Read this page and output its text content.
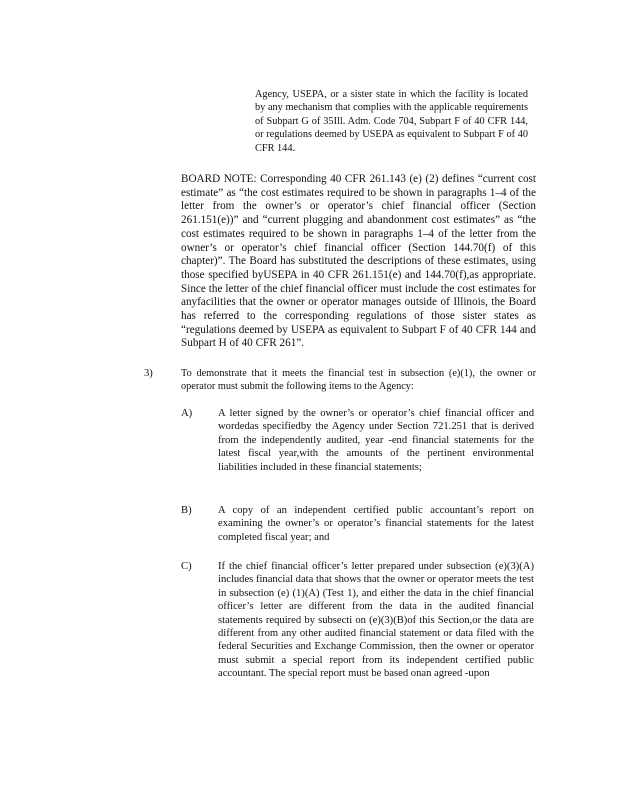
Agency, USEPA, or a sister state in which the facility is located by any mechanism that complies with the applicable requirements of Subpart G of 35Ill. Adm. Code 704, Subpart F of 40 CFR 144, or regulations deemed by USEPA as equivalent to Subpart F of 40 CFR 144.

BOARD NOTE: Corresponding 40 CFR 261.143 (e) (2) defines “current cost estimate” as “the cost estimates required to be shown in paragraphs 1–4 of the letter from the owner’s or operator’s chief financial officer (Section 261.151(e))” and “current plugging and abandonment cost estimates” as “the cost estimates required to be shown in paragraphs 1–4 of the letter from the owner’s or operator’s chief financial officer (Section 144.70(f) of this chapter)”. The Board has substituted the descriptions of these estimates, using those specified byUSEPA in 40 CFR 261.151(e) and 144.70(f),as appropriate. Since the letter of the chief financial officer must include the cost estimates for anyfacilities that the owner or operator manages outside of Illinois, the Board has referred to the corresponding regulations of those sister states as “regulations deemed by USEPA as equivalent to Subpart F of 40 CFR 144 and Subpart H of 40 CFR 261”.

3)	To demonstrate that it meets the financial test in subsection (e)(1), the owner or operator must submit the following items to the Agency:

A) A letter signed by the owner’s or operator’s chief financial officer and wordedas specifiedby the Agency under Section 721.251 that is derived from the independently audited, year -end financial statements for the latest fiscal year,with the amounts of the pertinent environmental liabilities included in these financial statements;

B) A copy of an independent certified public accountant’s report on examining the owner’s or operator’s financial statements for the latest completed fiscal year; and

C) If the chief financial officer’s letter prepared under subsection (e)(3)(A) includes financial data that shows that the owner or operator meets the test in subsection (e) (1)(A) (Test 1), and either the data in the chief financial officer’s letter are different from the data in the audited financial statements required by subsecti on (e)(3)(B)of this Section,or the data are different from any other audited financial statement or data filed with the federal Securities and Exchange Commission, then the owner or operator must submit a special report from its independent certified public accountant. The special report must be based onan agreed -upon
